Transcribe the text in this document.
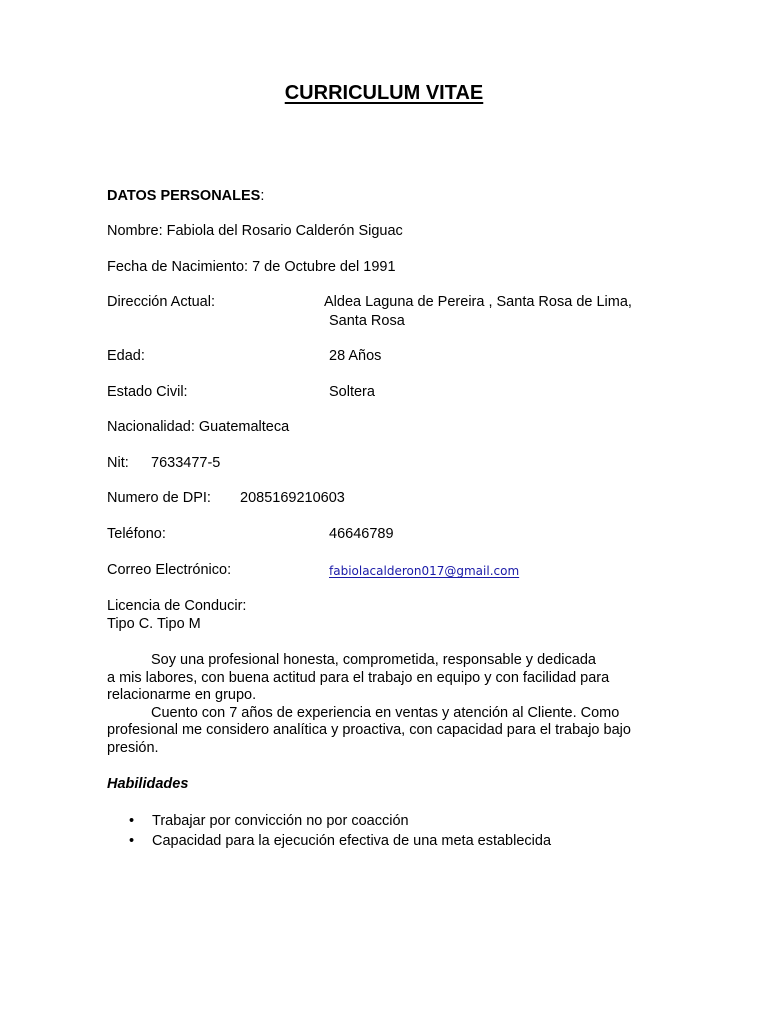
CURRICULUM VITAE
DATOS PERSONALES:
Nombre: Fabiola del Rosario Calderón Siguac
Fecha de Nacimiento: 7 de Octubre del 1991
Dirección Actual:	Aldea Laguna de Pereira , Santa Rosa de Lima,
Santa Rosa
Edad:	28 Años
Estado Civil:	Soltera
Nacionalidad: Guatemalteca
Nit: 7633477-5
Numero de DPI: 2085169210603
Teléfono:	46646789
Correo Electrónico:	fabiolacalderon017@gmail.com
Licencia de Conducir:
Tipo C. Tipo M

Soy una profesional honesta, comprometida, responsable y dedicada

a mis labores, con buena actitud para el trabajo en equipo y con facilidad para

relacionarme en grupo.

Cuento con 7 años de experiencia en ventas y atención al Cliente. Como

profesional me considero analítica y proactiva, con capacidad para el trabajo bajo

presión.

Habilidades
• Trabajar por convicción no por coacción
• Capacidad para la ejecución efectiva de una meta establecida
